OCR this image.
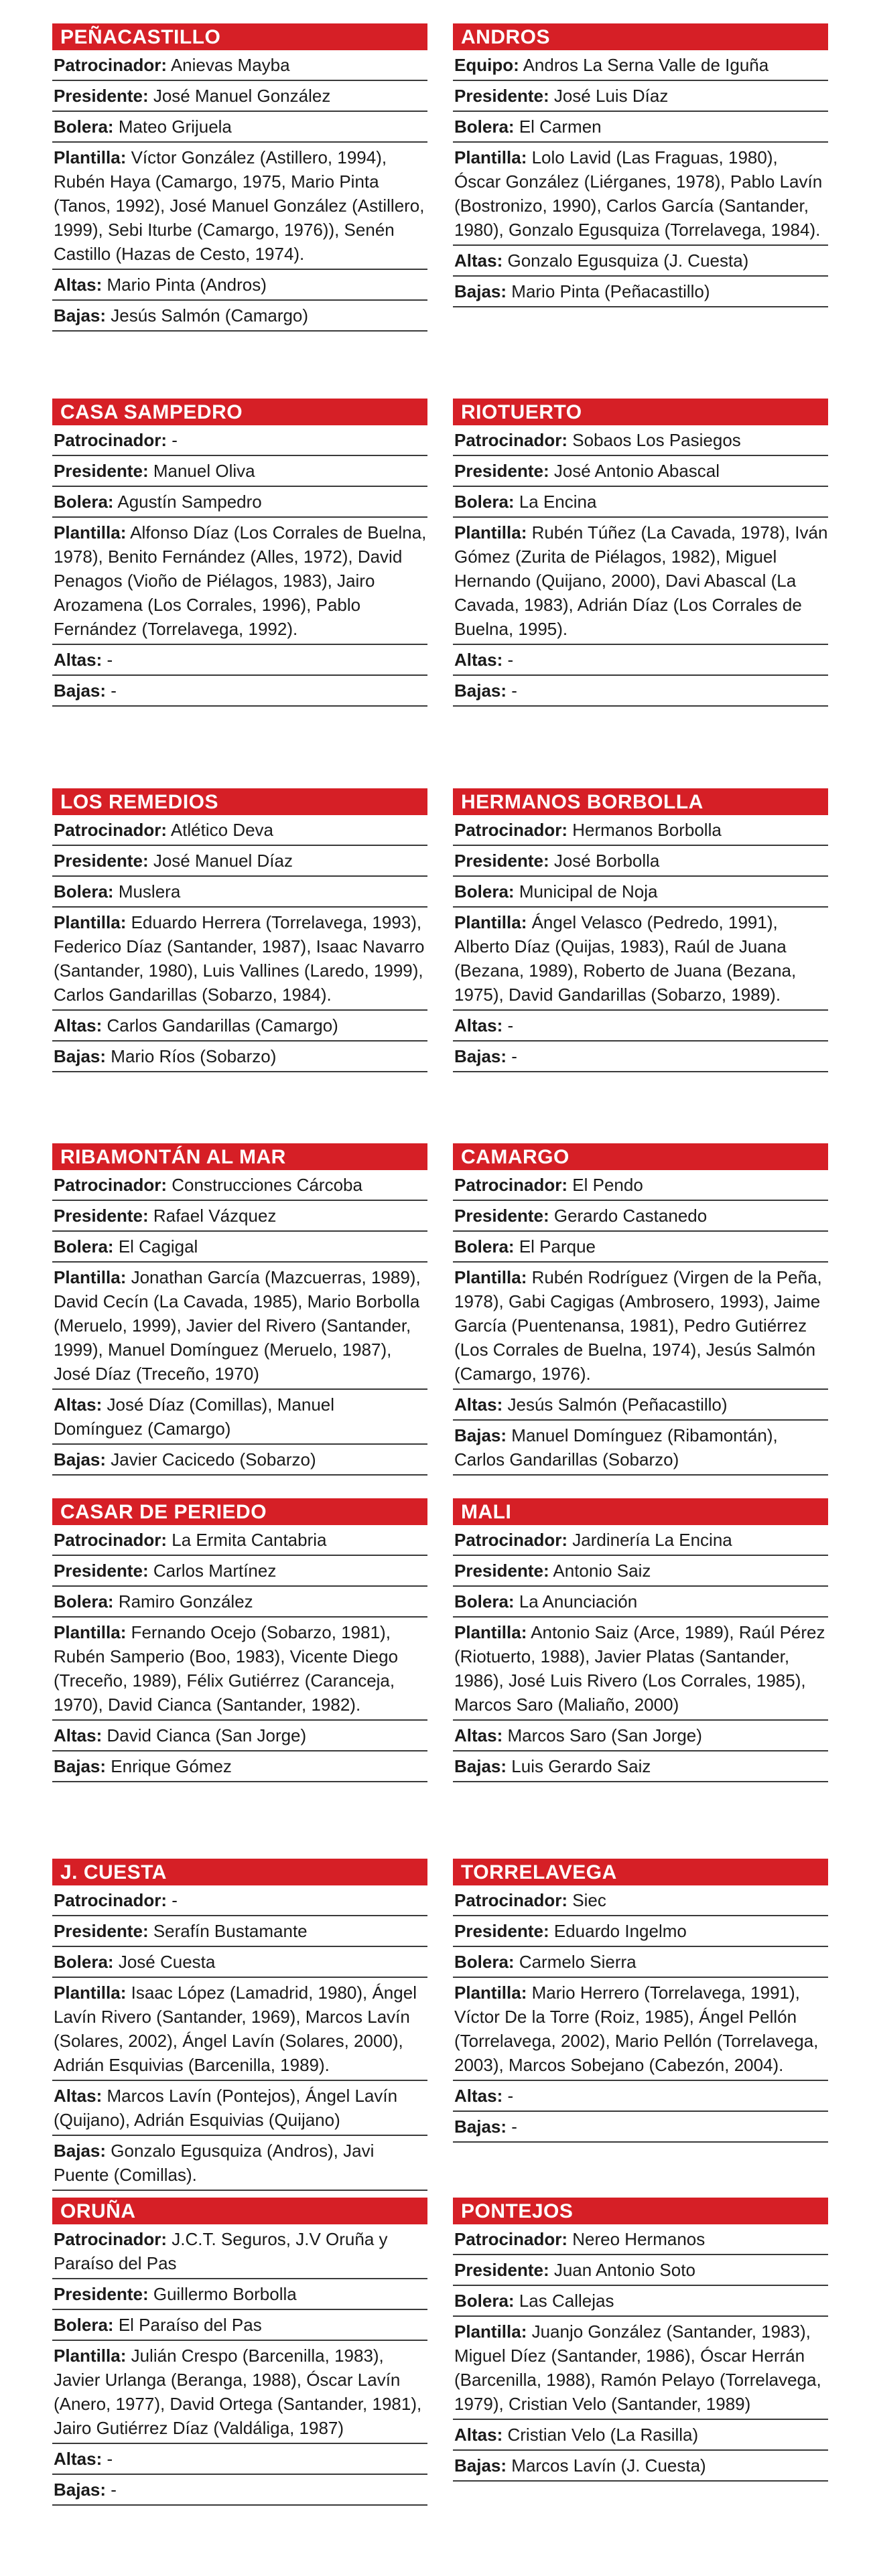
PEÑACASTILLO
Patrocinador: Anievas Mayba
Presidente: José Manuel González
Bolera: Mateo Grijuela
Plantilla: Víctor González (Astillero, 1994), Rubén Haya (Camargo, 1975, Mario Pinta (Tanos, 1992), José Manuel González (Astillero, 1999), Sebi Iturbe (Camargo, 1976)), Senén Castillo (Hazas de Cesto, 1974).
Altas: Mario Pinta (Andros)
Bajas: Jesús Salmón (Camargo)
CASA SAMPEDRO
Patrocinador: -
Presidente: Manuel Oliva
Bolera: Agustín Sampedro
Plantilla: Alfonso Díaz (Los Corrales de Buelna, 1978), Benito Fernández (Alles, 1972), David Penagos (Vioño de Piélagos, 1983), Jairo Arozamena (Los Corrales, 1996), Pablo Fernández (Torrelavega, 1992).
Altas: -
Bajas: -
LOS REMEDIOS
Patrocinador: Atlético Deva
Presidente: José Manuel Díaz
Bolera: Muslera
Plantilla: Eduardo Herrera (Torrelavega, 1993), Federico Díaz (Santander, 1987), Isaac Navarro (Santander, 1980), Luis Vallines (Laredo, 1999), Carlos Gandarillas (Sobarzo, 1984).
Altas: Carlos Gandarillas (Camargo)
Bajas: Mario Ríos (Sobarzo)
RIBAMONTÁN AL MAR
Patrocinador: Construcciones Cárcoba
Presidente: Rafael Vázquez
Bolera: El Cagigal
Plantilla: Jonathan García (Mazcuerras, 1989), David Cecín (La Cavada, 1985), Mario Borbolla (Meruelo, 1999), Javier del Rivero (Santander, 1999), Manuel Domínguez (Meruelo, 1987), José Díaz (Treceño, 1970)
Altas: José Díaz (Comillas), Manuel Domínguez (Camargo)
Bajas: Javier Cacicedo (Sobarzo)
CASAR DE PERIEDO
Patrocinador: La Ermita Cantabria
Presidente: Carlos Martínez
Bolera: Ramiro González
Plantilla: Fernando Ocejo (Sobarzo, 1981), Rubén Samperio (Boo, 1983), Vicente Diego (Treceño, 1989), Félix Gutiérrez (Caranceja, 1970), David Cianca (Santander, 1982).
Altas: David Cianca (San Jorge)
Bajas: Enrique Gómez
J. CUESTA
Patrocinador: -
Presidente: Serafín Bustamante
Bolera: José Cuesta
Plantilla: Isaac López (Lamadrid, 1980), Ángel Lavín Rivero (Santander, 1969), Marcos Lavín (Solares, 2002), Ángel Lavín (Solares, 2000), Adrián Esquivias (Barcenilla, 1989).
Altas: Marcos Lavín (Pontejos), Ángel Lavín (Quijano), Adrián Esquivias (Quijano)
Bajas: Gonzalo Egusquiza (Andros), Javi Puente (Comillas).
ORUÑA
Patrocinador: J.C.T. Seguros, J.V Oruña y Paraíso del Pas
Presidente: Guillermo Borbolla
Bolera: El Paraíso del Pas
Plantilla: Julián Crespo (Barcenilla, 1983), Javier Urlanga (Beranga, 1988), Óscar Lavín (Anero, 1977), David Ortega (Santander, 1981), Jairo Gutiérrez Díaz (Valdáliga, 1987)
Altas: -
Bajas: -
ANDROS
Equipo: Andros La Serna Valle de Iguña
Presidente: José Luis Díaz
Bolera: El Carmen
Plantilla: Lolo Lavid (Las Fraguas, 1980), Óscar González (Liérganes, 1978), Pablo Lavín (Bostronizo, 1990), Carlos García (Santander, 1980), Gonzalo Egusquiza (Torrelavega, 1984).
Altas: Gonzalo Egusquiza (J. Cuesta)
Bajas: Mario Pinta (Peñacastillo)
RIOTUERTO
Patrocinador: Sobaos Los Pasiegos
Presidente: José Antonio Abascal
Bolera: La Encina
Plantilla: Rubén Túñez (La Cavada, 1978), Iván Gómez (Zurita de Piélagos, 1982), Miguel Hernando (Quijano, 2000), Davi Abascal (La Cavada, 1983), Adrián Díaz (Los Corrales de Buelna, 1995).
Altas: -
Bajas: -
HERMANOS BORBOLLA
Patrocinador: Hermanos Borbolla
Presidente: José Borbolla
Bolera: Municipal de Noja
Plantilla: Ángel Velasco (Pedredo, 1991), Alberto Díaz (Quijas, 1983), Raúl de Juana (Bezana, 1989), Roberto de Juana (Bezana, 1975), David Gandarillas (Sobarzo, 1989).
Altas: -
Bajas: -
CAMARGO
Patrocinador: El Pendo
Presidente: Gerardo Castanedo
Bolera: El Parque
Plantilla: Rubén Rodríguez (Virgen de la Peña, 1978), Gabi Cagigas (Ambrosero, 1993), Jaime García (Puentenansa, 1981), Pedro Gutiérrez (Los Corrales de Buelna, 1974), Jesús Salmón (Camargo, 1976).
Altas: Jesús Salmón (Peñacastillo)
Bajas: Manuel Domínguez (Ribamontán), Carlos Gandarillas (Sobarzo)
MALI
Patrocinador: Jardinería La Encina
Presidente: Antonio Saiz
Bolera: La Anunciación
Plantilla: Antonio Saiz (Arce, 1989), Raúl Pérez (Riotuerto, 1988), Javier Platas (Santander, 1986), José Luis Rivero (Los Corrales, 1985), Marcos Saro (Maliaño, 2000)
Altas: Marcos Saro (San Jorge)
Bajas: Luis Gerardo Saiz
TORRELAVEGA
Patrocinador: Siec
Presidente: Eduardo Ingelmo
Bolera: Carmelo Sierra
Plantilla: Mario Herrero (Torrelavega, 1991), Víctor De la Torre (Roiz, 1985), Ángel Pellón (Torrelavega, 2002), Mario Pellón (Torrelavega, 2003), Marcos Sobejano (Cabezón, 2004).
Altas: -
Bajas: -
PONTEJOS
Patrocinador: Nereo Hermanos
Presidente: Juan Antonio Soto
Bolera: Las Callejas
Plantilla: Juanjo González (Santander, 1983), Miguel Díez (Santander, 1986), Óscar Herrán (Barcenilla, 1988), Ramón Pelayo (Torrelavega, 1979), Cristian Velo (Santander, 1989)
Altas: Cristian Velo (La Rasilla)
Bajas: Marcos Lavín (J. Cuesta)
